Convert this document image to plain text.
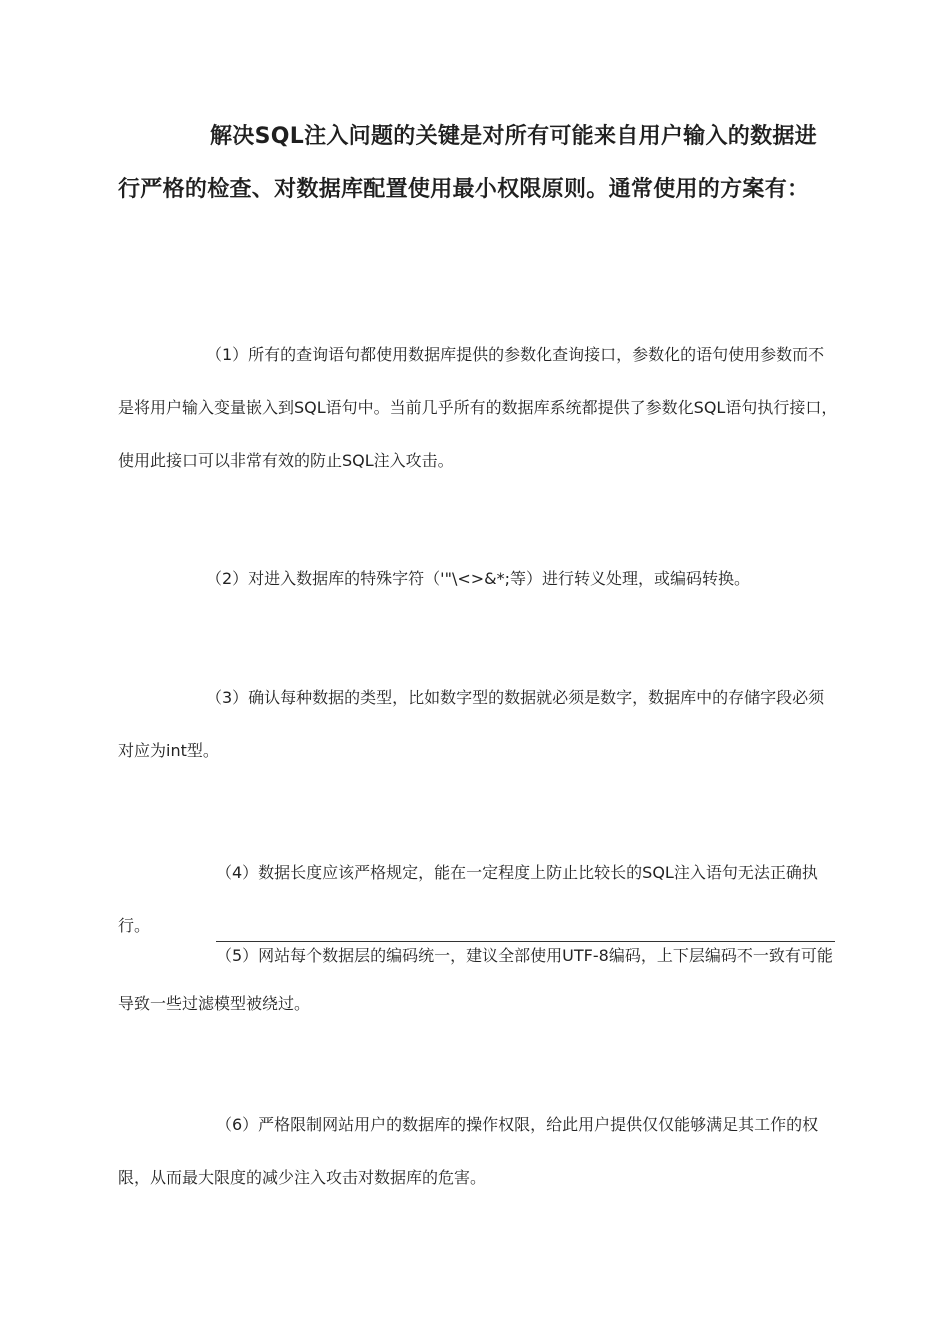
解决SQL注入问题的关键是对所有可能来自用户输入的数据进行严格的检查、对数据库配置使用最小权限原则。通常使用的方案有：

（1）所有的查询语句都使用数据库提供的参数化查询接口，参数化的语句使用参数而不是将用户输入变量嵌入到SQL语句中。当前几乎所有的数据库系统都提供了参数化SQL语句执行接口，使用此接口可以非常有效的防止SQL注入攻击。

（2）对进入数据库的特殊字符（'"\<>&*;等）进行转义处理，或编码转换。

（3）确认每种数据的类型，比如数字型的数据就必须是数字，数据库中的存储字段必须对应为int型。

（4）数据长度应该严格规定，能在一定程度上防止比较长的SQL注入语句无法正确执行。

（5）网站每个数据层的编码统一，建议全部使用UTF-8编码，上下层编码不一致有可能导致一些过滤模型被绕过。

（6）严格限制网站用户的数据库的操作权限，给此用户提供仅仅能够满足其工作的权限，从而最大限度的减少注入攻击对数据库的危害。
